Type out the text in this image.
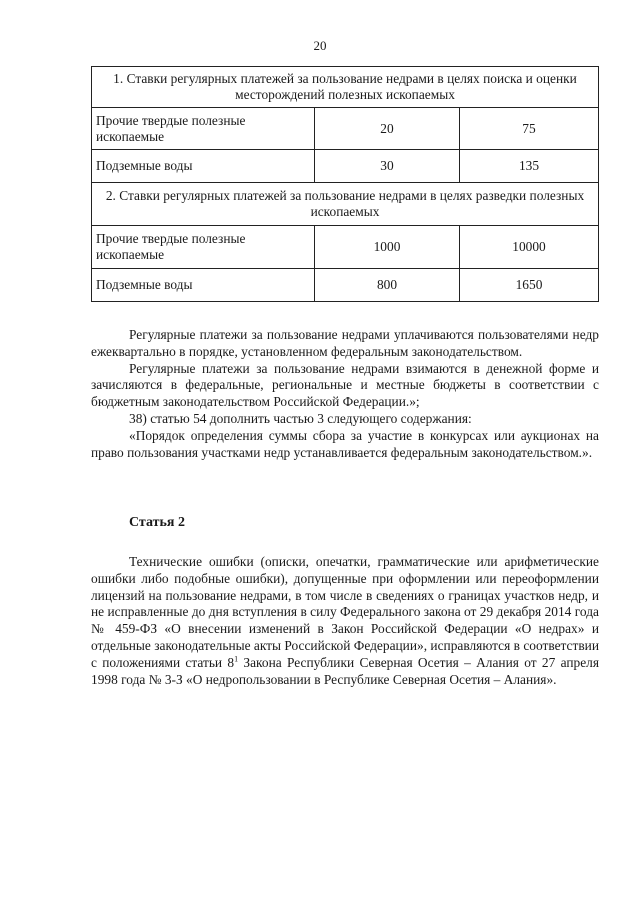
20
1. Ставки регулярных платежей за пользование недрами в целях поиска и оценки месторождений полезных ископаемых		
Прочие твердые полезные ископаемые	20	75
Подземные воды	30	135
2. Ставки регулярных платежей за пользование недрами в целях разведки полезных ископаемых		
Прочие твердые полезные ископаемые	1000	10000
Подземные воды	800	1650

Регулярные платежи за пользование недрами уплачиваются пользователями недр ежеквартально в порядке, установленном федеральным законодательством.

Регулярные платежи за пользование недрами взимаются в денежной форме и зачисляются в федеральные, региональные и местные бюджеты в соответствии с бюджетным законодательством Российской Федерации.»;

38) статью 54 дополнить частью 3 следующего содержания:

«Порядок определения суммы сбора за участие в конкурсах или аукционах на право пользования участками недр устанавливается федеральным законодательством.».

Статья 2

Технические ошибки (описки, опечатки, грамматические или арифметические ошибки либо подобные ошибки), допущенные при оформлении или переоформлении лицензий на пользование недрами, в том числе в сведениях о границах участков недр, и не исправленные до дня вступления в силу Федерального закона от 29 декабря 2014 года № 459-ФЗ «О внесении изменений в Закон Российской Федерации «О недрах» и отдельные законодательные акты Российской Федерации», исправляются в соответствии с положениями статьи $8^1$ Закона Республики Северная Осетия – Алания от 27 апреля 1998 года № 3-З «О недропользовании в Республике Северная Осетия – Алания».
